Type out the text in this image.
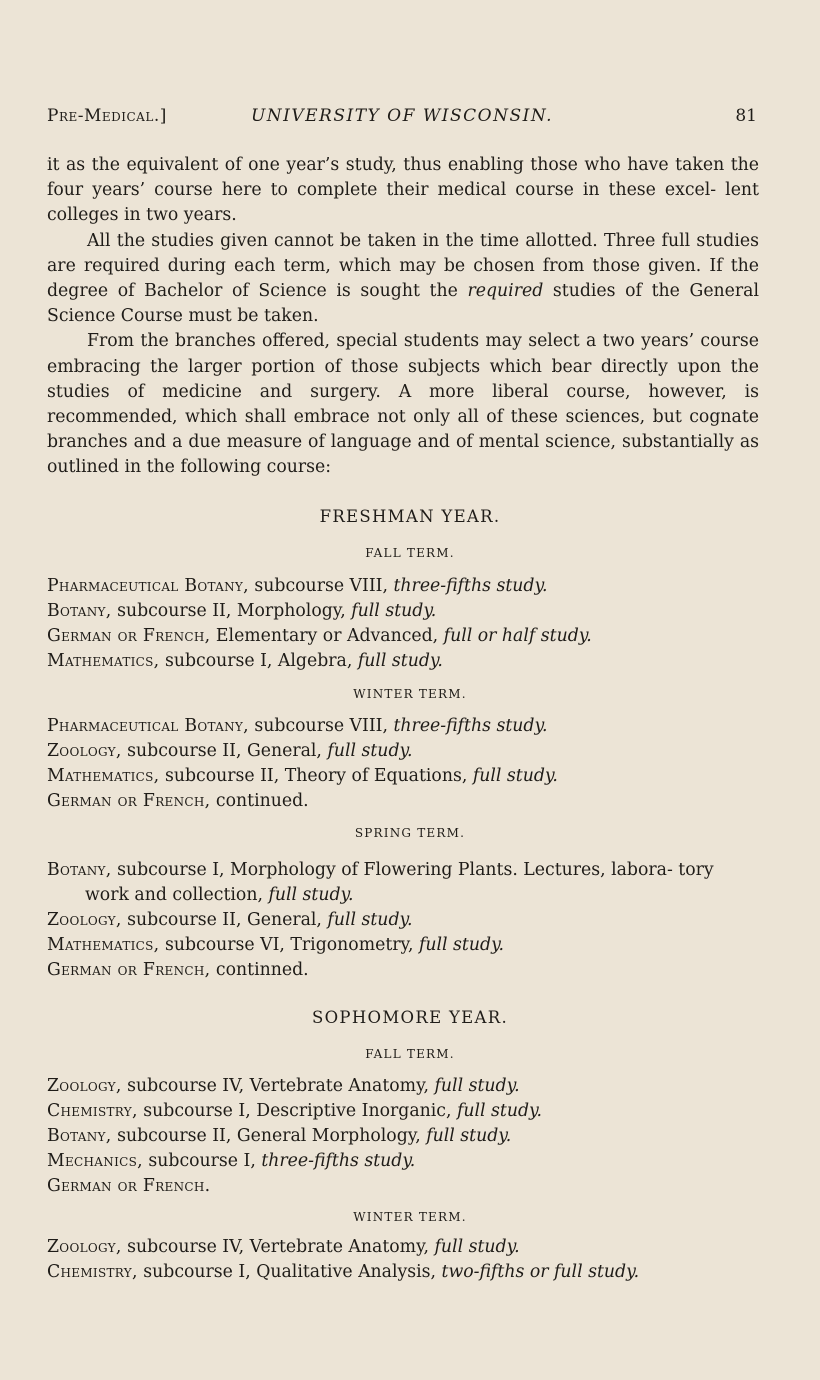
Pre-Medical.]	UNIVERSITY OF WISCONSIN.	81

it as the equivalent of one year’s study, thus enabling those who have taken the four years’ course here to complete their medical course in these excel- lent colleges in two years.

All the studies given cannot be taken in the time allotted. Three full studies are required during each term, which may be chosen from those given. If the degree of Bachelor of Science is sought the required studies of the General Science Course must be taken.

From the branches offered, special students may select a two years’ course embracing the larger portion of those subjects which bear directly upon the studies of medicine and surgery. A more liberal course, however, is recommended, which shall embrace not only all of these sciences, but cognate branches and a due measure of language and of mental science, substantially as outlined in the following course:

FRESHMAN YEAR.
FALL TERM.
Pharmaceutical Botany, subcourse VIII, three-fifths study.
Botany, subcourse II, Morphology, full study.
German or French, Elementary or Advanced, full or half study.
Mathematics, subcourse I, Algebra, full study.
WINTER TERM.
Pharmaceutical Botany, subcourse VIII, three-fifths study.
Zoology, subcourse II, General, full study.
Mathematics, subcourse II, Theory of Equations, full study.
German or French, continued.
SPRING TERM.
Botany, subcourse I, Morphology of Flowering Plants. Lectures, labora- tory work and collection, full study.
Zoology, subcourse II, General, full study.
Mathematics, subcourse VI, Trigonometry, full study.
German or French, continned.
SOPHOMORE YEAR.
FALL TERM.
Zoology, subcourse IV, Vertebrate Anatomy, full study.
Chemistry, subcourse I, Descriptive Inorganic, full study.
Botany, subcourse II, General Morphology, full study.
Mechanics, subcourse I, three-fifths study.
German or French.
WINTER TERM.
Zoology, subcourse IV, Vertebrate Anatomy, full study.
Chemistry, subcourse I, Qualitative Analysis, two-fifths or full study.
